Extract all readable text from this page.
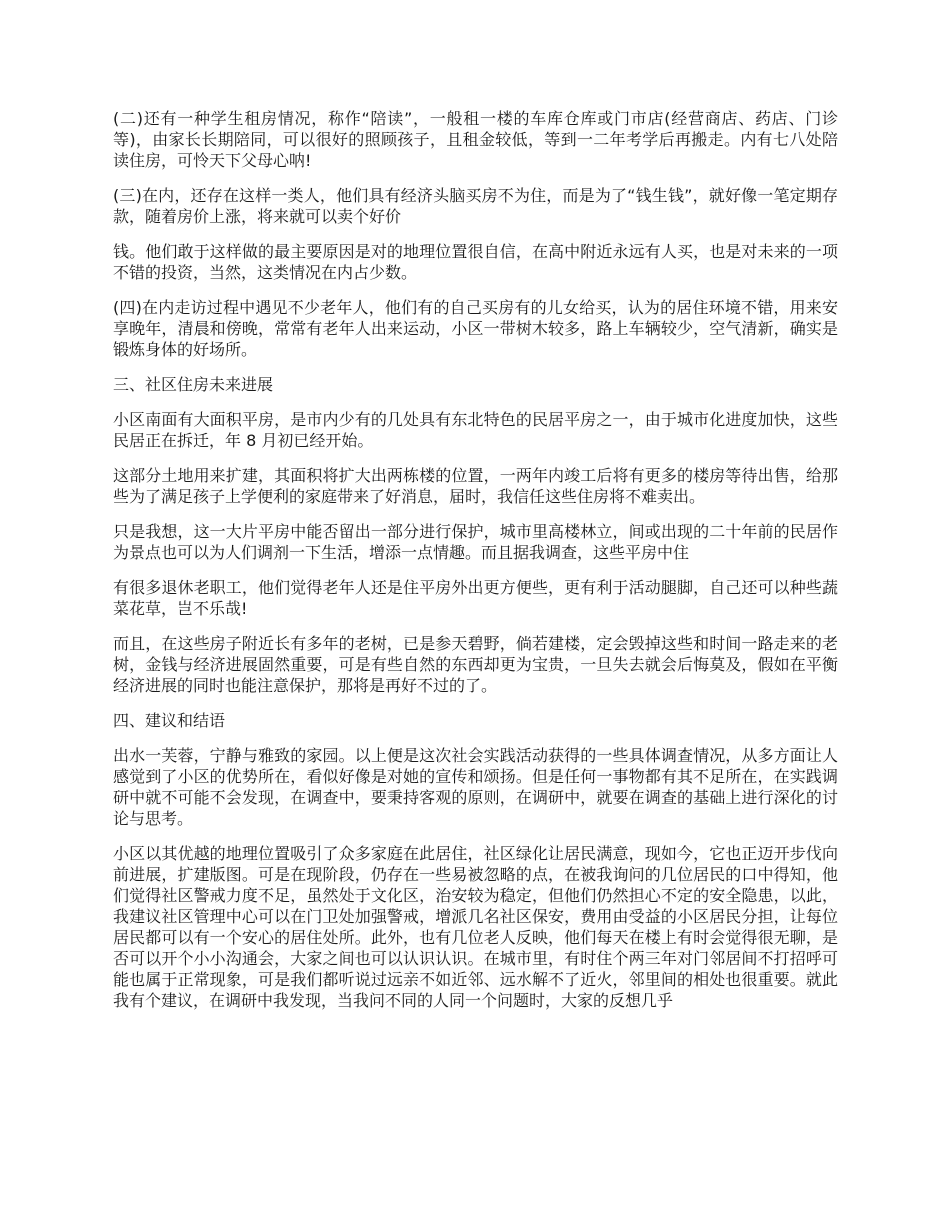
(二)还有一种学生租房情况，称作“陪读”，一般租一楼的车库仓库或门市店(经营商店、药店、门诊等)，由家长长期陪同，可以很好的照顾孩子，且租金较低，等到一二年考学后再搬走。内有七八处陪读住房，可怜天下父母心呐!

(三)在内，还存在这样一类人，他们具有经济头脑买房不为住，而是为了“钱生钱”，就好像一笔定期存款，随着房价上涨，将来就可以卖个好价

钱。他们敢于这样做的最主要原因是对的地理位置很自信，在高中附近永远有人买，也是对未来的一项不错的投资，当然，这类情况在内占少数。

(四)在内走访过程中遇见不少老年人，他们有的自己买房有的儿女给买，认为的居住环境不错，用来安享晚年，清晨和傍晚，常常有老年人出来运动，小区一带树木较多，路上车辆较少，空气清新，确实是锻炼身体的好场所。

三、社区住房未来进展

小区南面有大面积平房，是市内少有的几处具有东北特色的民居平房之一，由于城市化进度加快，这些民居正在拆迁，年 8 月初已经开始。

这部分土地用来扩建，其面积将扩大出两栋楼的位置，一两年内竣工后将有更多的楼房等待出售，给那些为了满足孩子上学便利的家庭带来了好消息，届时，我信任这些住房将不难卖出。

只是我想，这一大片平房中能否留出一部分进行保护，城市里高楼林立，间或出现的二十年前的民居作为景点也可以为人们调剂一下生活，增添一点情趣。而且据我调查，这些平房中住

有很多退休老职工，他们觉得老年人还是住平房外出更方便些，更有利于活动腿脚，自己还可以种些蔬菜花草，岂不乐哉!

而且，在这些房子附近长有多年的老树，已是参天碧野，倘若建楼，定会毁掉这些和时间一路走来的老树，金钱与经济进展固然重要，可是有些自然的东西却更为宝贵，一旦失去就会后悔莫及，假如在平衡经济进展的同时也能注意保护，那将是再好不过的了。

四、建议和结语

出水一芙蓉，宁静与雅致的家园。以上便是这次社会实践活动获得的一些具体调查情况，从多方面让人感觉到了小区的优势所在，看似好像是对她的宣传和颂扬。但是任何一事物都有其不足所在，在实践调研中就不可能不会发现，在调查中，要秉持客观的原则，在调研中，就要在调查的基础上进行深化的讨论与思考。

小区以其优越的地理位置吸引了众多家庭在此居住，社区绿化让居民满意，现如今，它也正迈开步伐向前进展，扩建版图。可是在现阶段，仍存在一些易被忽略的点，在被我询问的几位居民的口中得知，他们觉得社区警戒力度不足，虽然处于文化区，治安较为稳定，但他们仍然担心不定的安全隐患，以此，我建议社区管理中心可以在门卫处加强警戒，增派几名社区保安，费用由受益的小区居民分担，让每位居民都可以有一个安心的居住处所。此外，也有几位老人反映，他们每天在楼上有时会觉得很无聊，是否可以开个小小沟通会，大家之间也可以认识认识。在城市里，有时住个两三年对门邻居间不打招呼可能也属于正常现象，可是我们都听说过远亲不如近邻、远水解不了近火，邻里间的相处也很重要。就此我有个建议，在调研中我发现，当我问不同的人同一个问题时，大家的反想几乎
